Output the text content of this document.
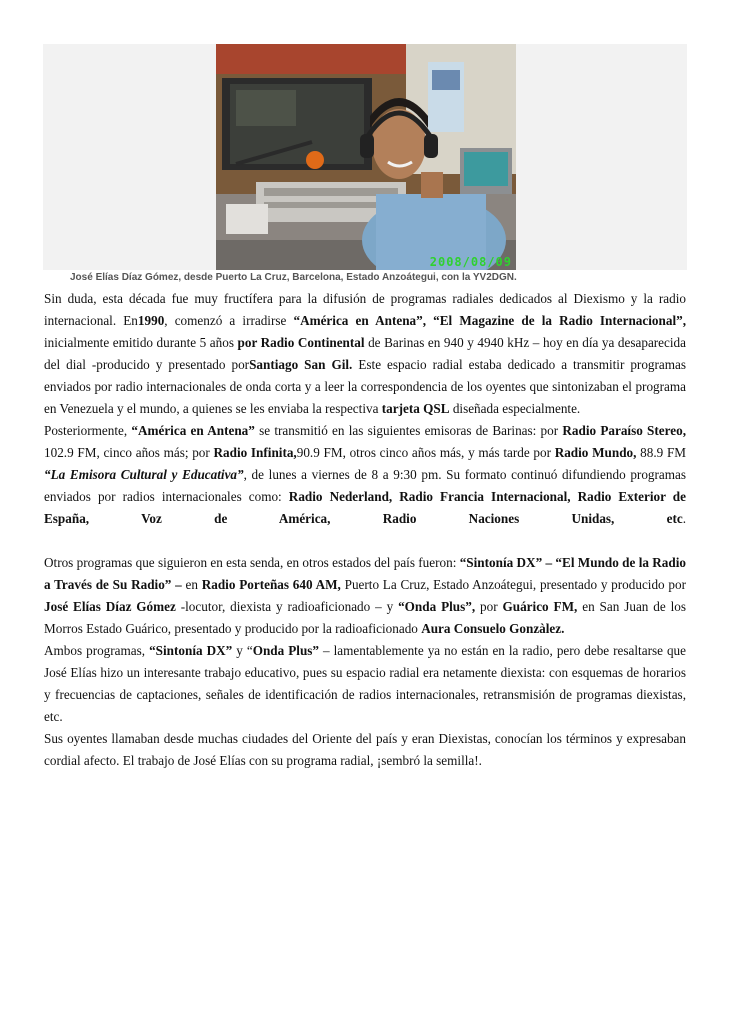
2008/08/09
José Elías Díaz Gómez, desde Puerto La Cruz, Barcelona, Estado Anzoátegui, con la YV2DGN.

Sin duda, esta década fue muy fructífera para la difusión de programas radiales dedicados al Diexismo y la radio internacional. En1990, comenzó a irradirse “América en Antena”, “El Magazine de la Radio Internacional”, inicialmente emitido durante 5 años por Radio Continental de Barinas en 940 y 4940 kHz – hoy en día ya desaparecida del dial -producido y presentado porSantiago San Gil. Este espacio radial estaba dedicado a transmitir programas enviados por radio internacionales de onda corta y a leer la correspondencia de los oyentes que sintonizaban el programa en Venezuela y el mundo, a quienes se les enviaba la respectiva tarjeta QSL diseñada especialmente.

Posteriormente, “América en Antena” se transmitió en las siguientes emisoras de Barinas: por Radio Paraíso Stereo, 102.9 FM, cinco años más; por Radio Infinita,90.9 FM, otros cinco años más, y más tarde por Radio Mundo, 88.9 FM “La Emisora Cultural y Educativa”, de lunes a viernes de 8 a 9:30 pm. Su formato continuó difundiendo programas enviados por radios internacionales como: Radio Nederland, Radio Francia Internacional, Radio Exterior de España, Voz de América, Radio Naciones Unidas, etc.

Otros programas que siguieron en esta senda, en otros estados del país fueron: “Sintonía DX” – “El Mundo de la Radio a Través de Su Radio” – en Radio Porteñas 640 AM, Puerto La Cruz, Estado Anzoátegui, presentado y producido por José Elías Díaz Gómez -locutor, diexista y radioaficionado – y “Onda Plus”, por Guárico FM, en San Juan de los Morros Estado Guárico, presentado y producido por la radioaficionado Aura Consuelo Gonzàlez.

Ambos programas, “Sintonía DX” y “Onda Plus” – lamentablemente ya no están en la radio, pero debe resaltarse que José Elías hizo un interesante trabajo educativo, pues su espacio radial era netamente diexista: con esquemas de horarios y frecuencias de captaciones, señales de identificación de radios internacionales, retransmisión de programas diexistas, etc.

Sus oyentes llamaban desde muchas ciudades del Oriente del país y eran Diexistas, conocían los términos y expresaban cordial afecto. El trabajo de José Elías con su programa radial, ¡sembró la semilla!.
